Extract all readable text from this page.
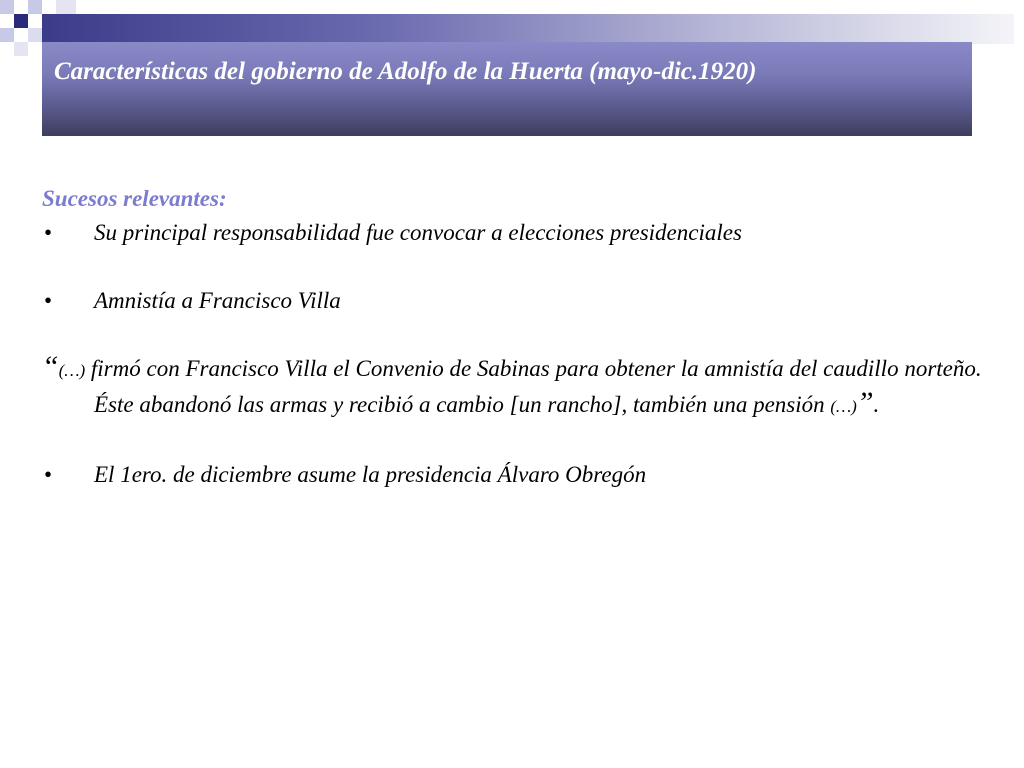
Características del gobierno de Adolfo de la Huerta (mayo-dic.1920)

Sucesos relevantes:

• Su principal responsabilidad fue convocar a elecciones presidenciales

• Amnistía a Francisco Villa

“(…) firmó con Francisco Villa el Convenio de Sabinas para obtener la amnistía del caudillo norteño. Éste abandonó las armas y recibió a cambio [un rancho], también una pensión (…)”.

• El 1ero. de diciembre asume la presidencia Álvaro Obregón
